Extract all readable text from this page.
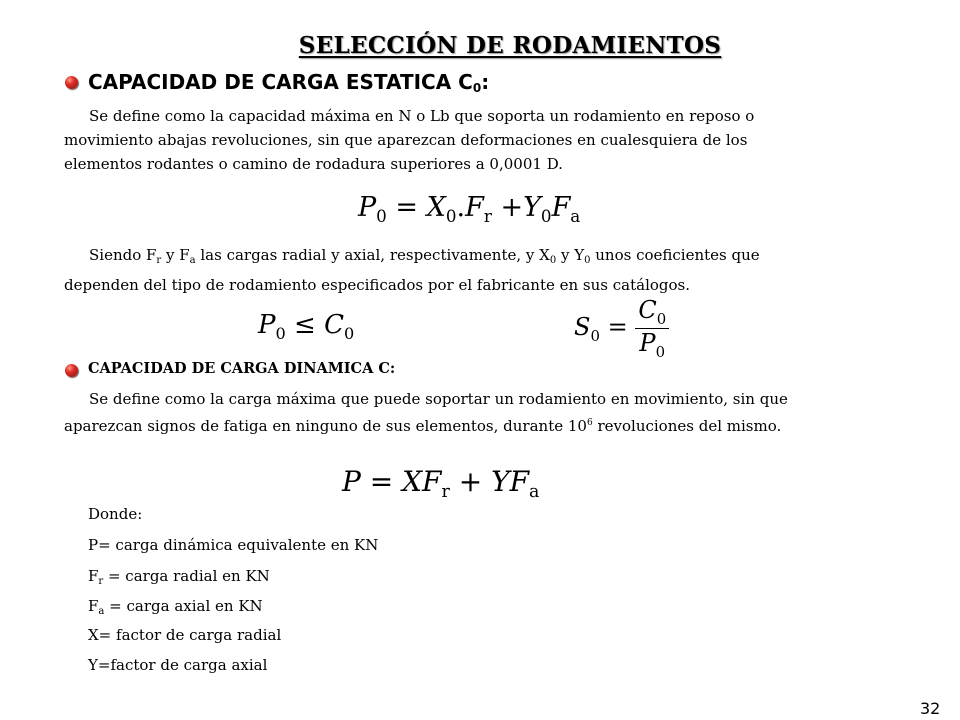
SELECCIÓN DE RODAMIENTOS
CAPACIDAD DE CARGA ESTATICA $C_0$:
Se define como la capacidad máxima en N o Lb que soporta un rodamiento en reposo o
movimiento abajas revoluciones, sin que aparezcan deformaciones en cualesquiera de los
elementos rodantes o camino de rodadura superiores a 0,0001 D.
$P_0 = X_0.F_r +Y_0F_a$
Siendo $F_r$ y $F_a$ las cargas radial y axial, respectivamente, y $X_0$ y $Y_0$ unos coeficientes que
dependen del tipo de rodamiento especificados por el fabricante en sus catálogos.
$P_0 \le C_0$	$S_0 = \frac{C_0}{P_0}$
CAPACIDAD DE CARGA DINAMICA C:
Se define como la carga máxima que puede soportar un rodamiento en movimiento, sin que
aparezcan signos de fatiga en ninguno de sus elementos, durante $10^6$ revoluciones del mismo.
$P = XF_r + YF_a$
Donde:
P= carga dinámica equivalente en KN
$F_r$ = carga radial en KN
$F_a$ = carga axial en KN
X= factor de carga radial
Y=factor de carga axial
32
